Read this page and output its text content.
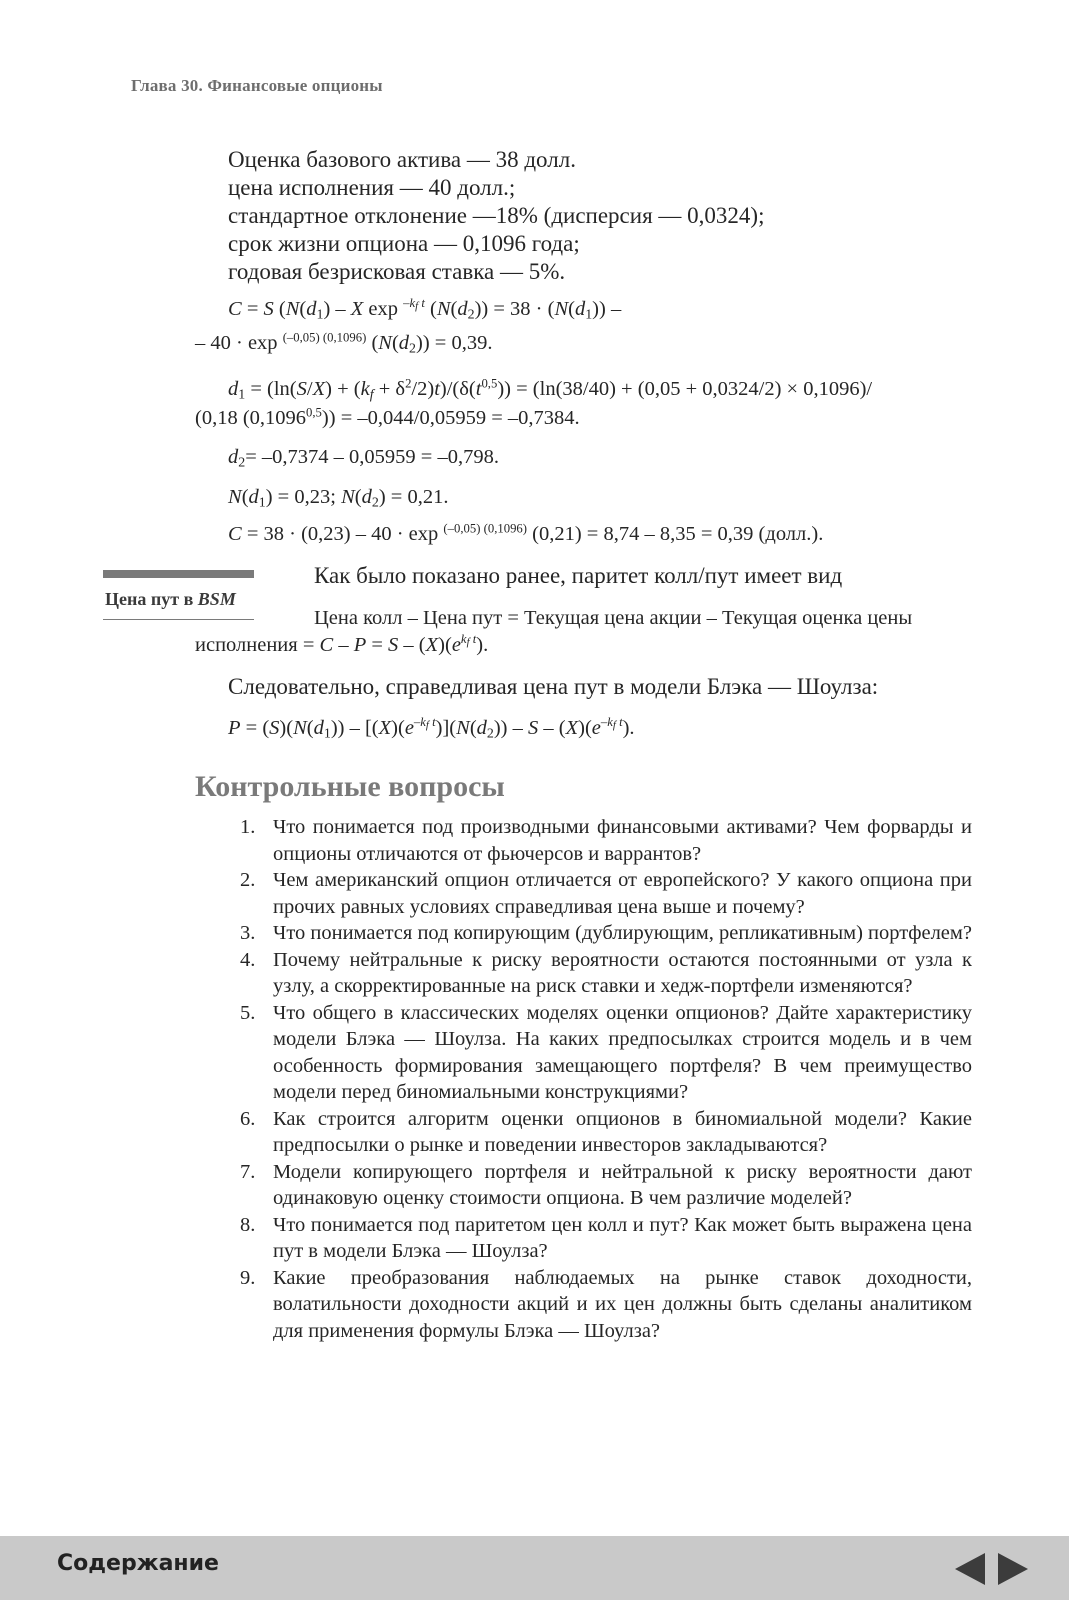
Глава 30. Финансовые опционы
Оценка базового актива — 38 долл.
цена исполнения — 40 долл.;
стандартное отклонение —18% (дисперсия — 0,0324);
срок жизни опциона — 0,1096 года;
годовая безрисковая ставка — 5%.
C = S ($N(d_1)$ – X exp $^{-k_f t}$ $(N(d_2)) = 38 \cdot (N(d_1))$ –
– 40 · exp $^{(-0,05) (0,1096)}$ $(N(d_2)) = 0,39$.
$d_1 = (\ln(S/X) + (k_f + \delta^2/2)t)/(\delta(t^{0,5})) = (\ln(38/40) + (0,05 + 0,0324/2) \times 0,1096)/$
(0,18 $(0,1096^{0,5})) = -0,044/0,05959 = -0,7384$.
$d_2= -0,7374 - 0,05959 = -0,798$.
$N(d_1) = 0,23$; $N(d_2) = 0,21$.
C = 38 · (0,23) – 40 · exp $^{(-0,05) (0,1096)}$ (0,21) = 8,74 – 8,35 = 0,39 (долл.).
Цена пут в BSM
Как было показано ранее, паритет колл/пут имеет вид
Цена колл – Цена пут = Текущая цена акции – Текущая оценка цены
исполнения = $C - P = S - (X)(e^{k_f t})$.
Следовательно, справедливая цена пут в модели Блэка — Шоулза:
$P = (S)(N(d_1)) - [(X)(e^{-k_f t})](N(d_2)) - S - (X)(e^{-k_f t})$.
Контрольные вопросы
1. Что понимается под производными финансовыми активами? Чем форварды и опционы отличаются от фьючерсов и варрантов?
2. Чем американский опцион отличается от европейского? У какого опциона при прочих равных условиях справедливая цена выше и почему?
3. Что понимается под копирующим (дублирующим, репликативным) портфелем?
4. Почему нейтральные к риску вероятности остаются постоянными от узла к узлу, а скорректированные на риск ставки и хедж-портфели изменяются?
5. Что общего в классических моделях оценки опционов? Дайте характеристику модели Блэка — Шоулза. На каких предпосылках строится модель и в чем особенность формирования замещающего портфеля? В чем преимущество модели перед биномиальными конструкциями?
6. Как строится алгоритм оценки опционов в биномиальной модели? Какие предпосылки о рынке и поведении инвесторов закладываются?
7. Модели копирующего портфеля и нейтральной к риску вероятности дают одинаковую оценку стоимости опциона. В чем различие моделей?
8. Что понимается под паритетом цен колл и пут? Как может быть выражена цена пут в модели Блэка — Шоулза?
9. Какие преобразования наблюдаемых на рынке ставок доходности, волатильности доходности акций и их цен должны быть сделаны аналитиком для применения формулы Блэка — Шоулза?
Содержание
